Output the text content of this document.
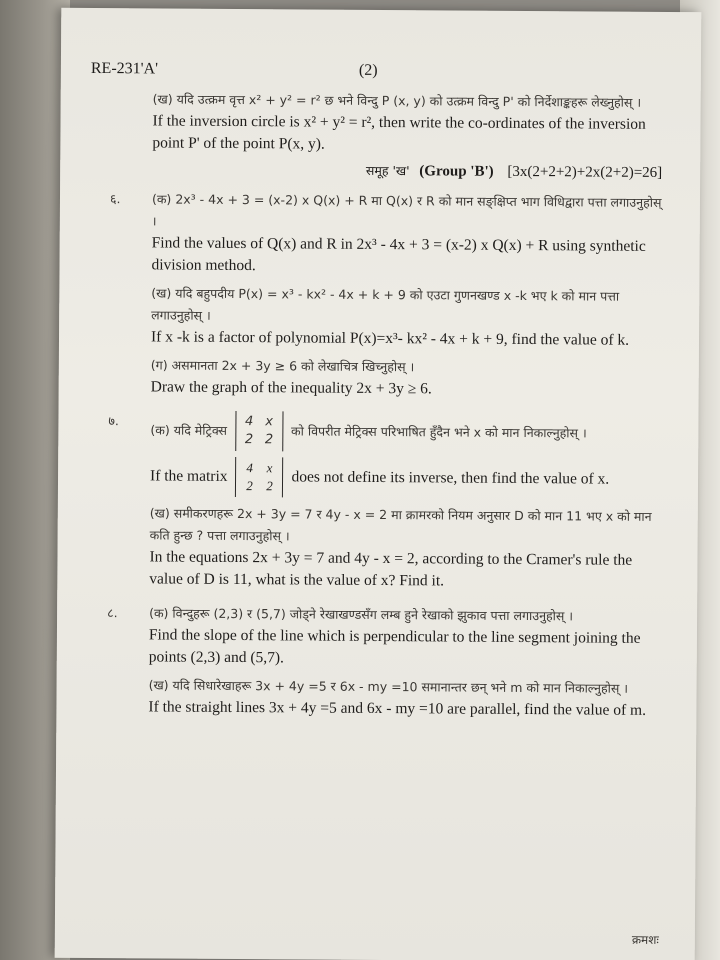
RE-231'A'	(2)
(ख) यदि उत्क्रम वृत्त x² + y² = r² छ भने विन्दु P (x, y) को उत्क्रम विन्दु P' को निर्देशाङ्कहरू लेख्नुहोस् ।
If the inversion circle is x² + y² = r², then write the co-ordinates of the inversion point P' of the point P(x, y).
समूह 'ख' (Group 'B') [3x(2+2+2)+2x(2+2)=26]
६.	(क) 2x³ - 4x + 3 = (x-2) x Q(x) + R मा Q(x) र R को मान सङ्क्षिप्त भाग विधिद्वारा पत्ता लगाउनुहोस् ।
Find the values of Q(x) and R in 2x³ - 4x + 3 = (x-2) x Q(x) + R using synthetic division method.
(ख) यदि बहुपदीय P(x) = x³ - kx² - 4x + k + 9 को एउटा गुणनखण्ड x -k भए k को मान पत्ता लगाउनुहोस् ।
If x -k is a factor of polynomial P(x)=x³- kx² - 4x + k + 9, find the value of k.
(ग) असमानता 2x + 3y ≥ 6 को लेखाचित्र खिच्नुहोस् ।
Draw the graph of the inequality 2x + 3y ≥ 6.
७.
(क) यदि मेट्रिक्स
4 x
2 2	को विपरीत मेट्रिक्स परिभाषित हुँदैन भने x को मान निकाल्नुहोस् ।
If the matrix	4	x
2	2	does not define its inverse, then find the value of x.
(ख) समीकरणहरू 2x + 3y = 7 र 4y - x = 2 मा क्रामरको नियम अनुसार D को मान 11 भए x को मान कति हुन्छ ? पत्ता लगाउनुहोस् ।
In the equations 2x + 3y = 7 and 4y - x = 2, according to the Cramer's rule the value of D is 11, what is the value of x? Find it.
८.	(क) विन्दुहरू (2,3) र (5,7) जोड्ने रेखाखण्डसँग लम्ब हुने रेखाको झुकाव पत्ता लगाउनुहोस् ।
Find the slope of the line which is perpendicular to the line segment joining the points (2,3) and (5,7).
(ख) यदि सिधारेखाहरू 3x + 4y =5 र 6x - my =10 समानान्तर छन् भने m को मान निकाल्नुहोस् ।
If the straight lines 3x + 4y =5 and 6x - my =10 are parallel, find the value of m.
क्रमशः
